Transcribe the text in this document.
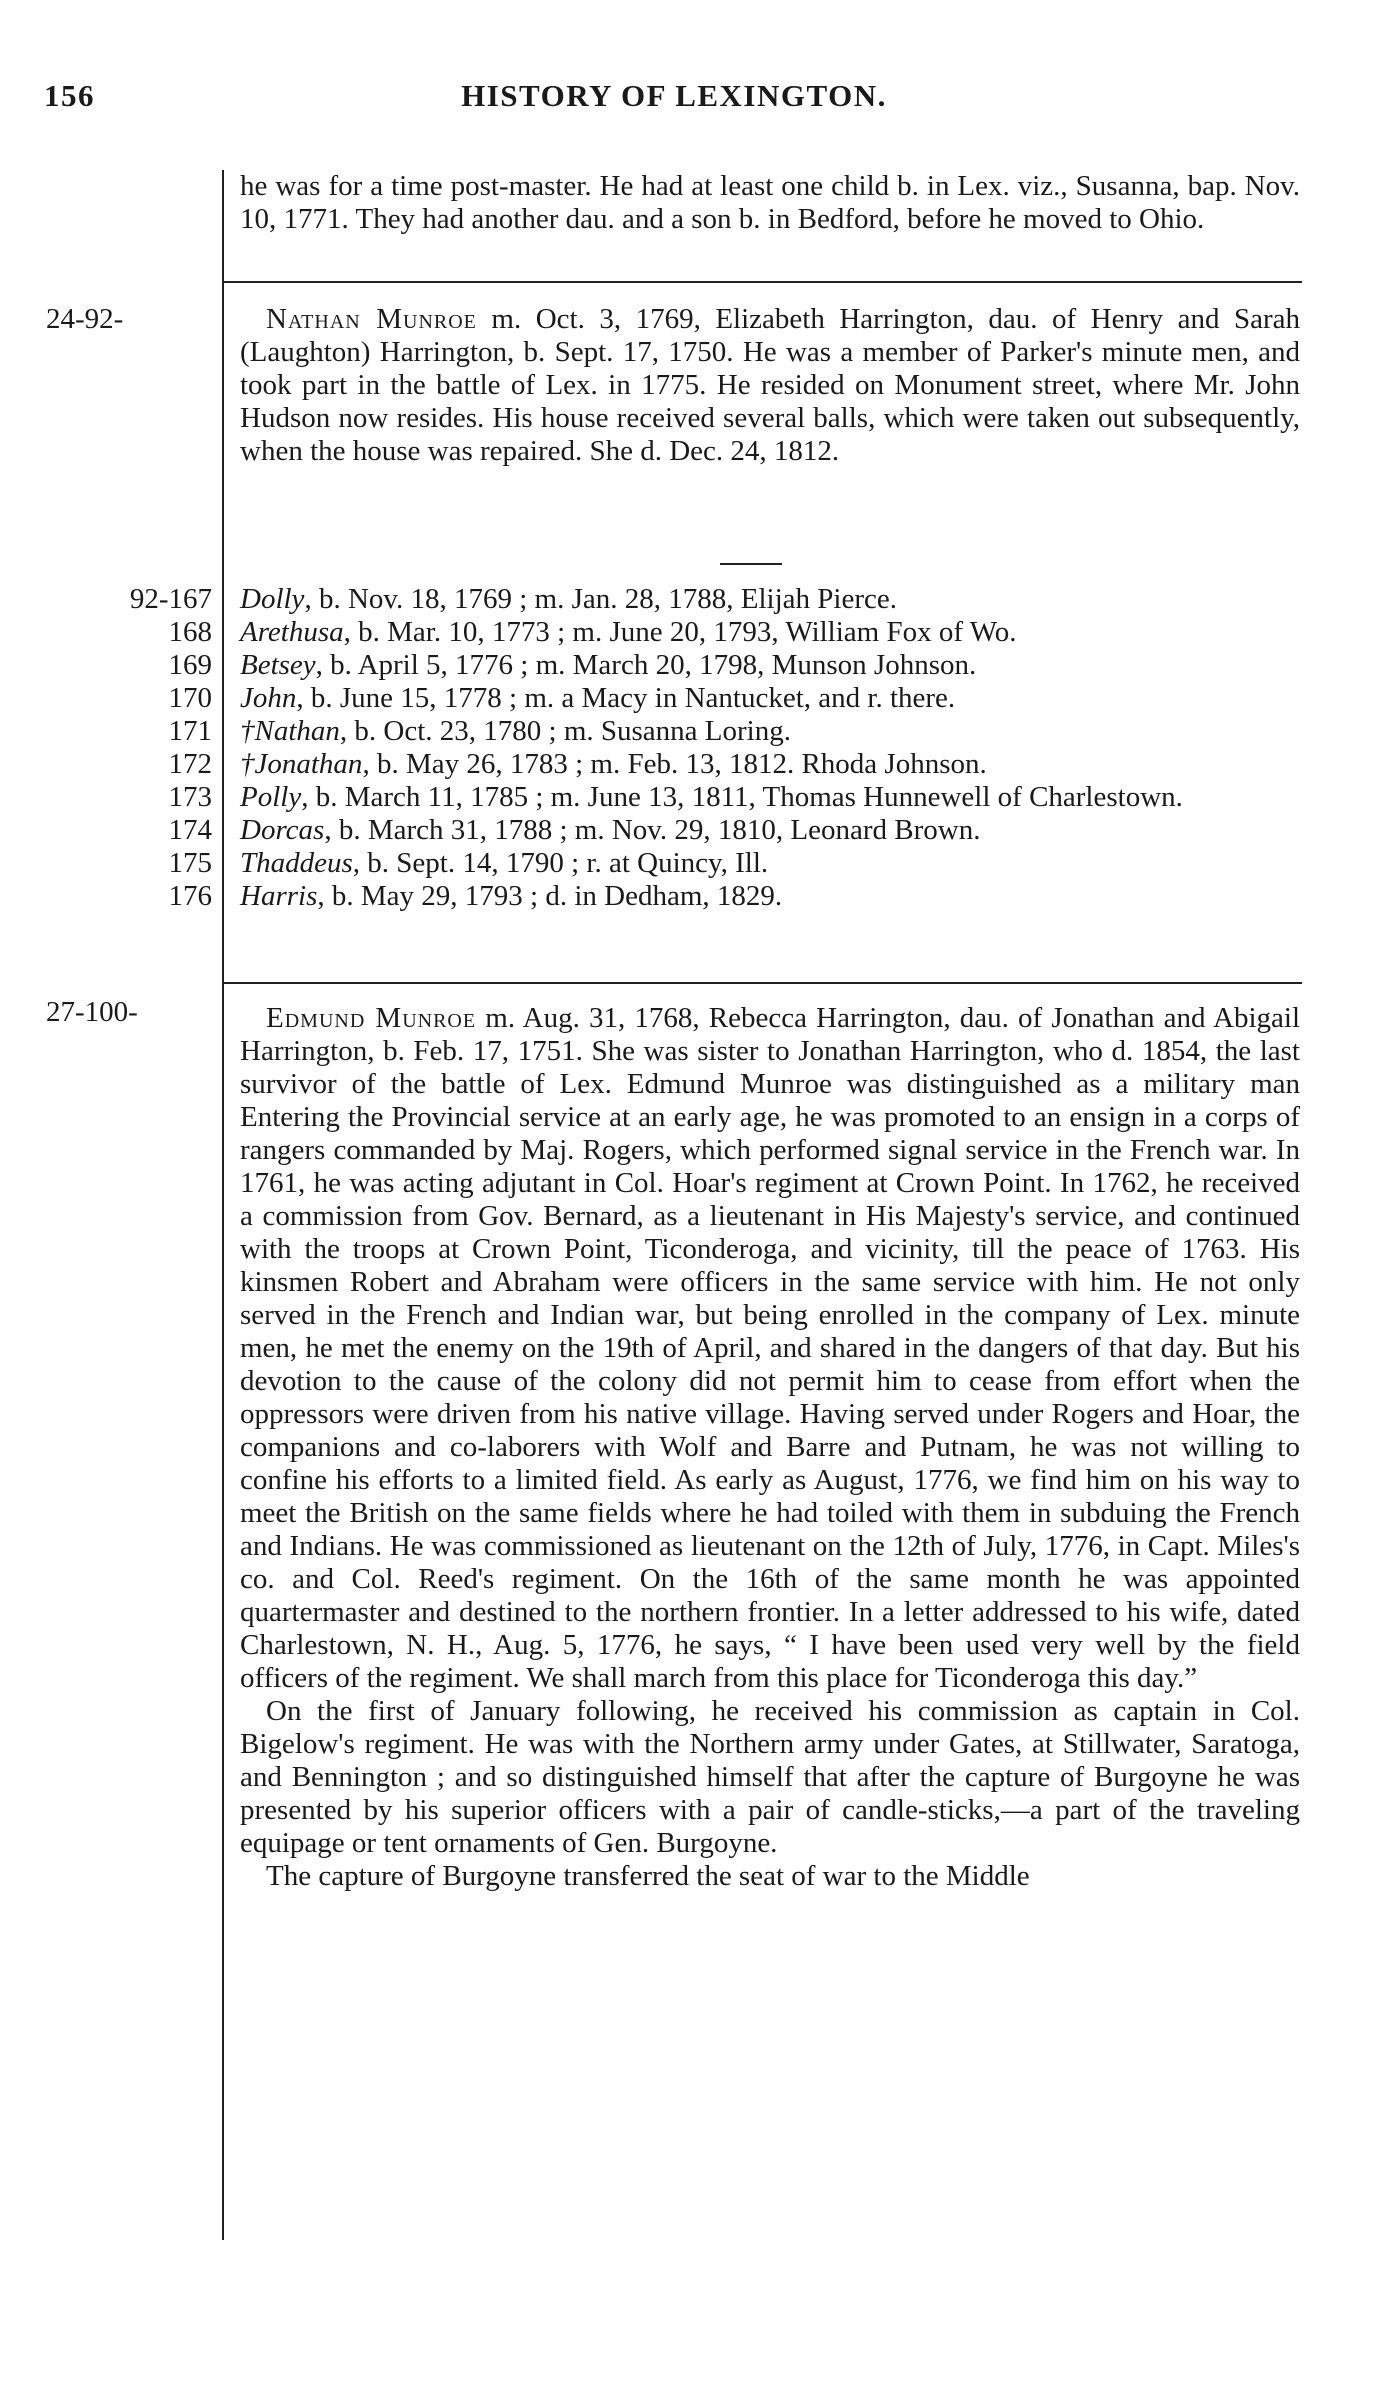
156	HISTORY OF LEXINGTON.

he was for a time post-master. He had at least one child b. in Lex. viz., Susanna, bap. Nov. 10, 1771. They had another dau. and a son b. in Bedford, before he moved to Ohio.

24-92-	Nathan Munroe m. Oct. 3, 1769, Elizabeth Harrington, dau. of Henry and Sarah (Laughton) Harrington, b. Sept. 17, 1750. He was a member of Parker's minute men, and took part in the battle of Lex. in 1775. He resided on Monument street, where Mr. John Hudson now resides. His house received several balls, which were taken out subsequently, when the house was repaired. She d. Dec. 24, 1812.

92-167 Dolly, b. Nov. 18, 1769 ; m. Jan. 28, 1788, Elijah Pierce.
168 Arethusa, b. Mar. 10, 1773 ; m. June 20, 1793, William Fox of Wo.
169 Betsey, b. April 5, 1776 ; m. March 20, 1798, Munson Johnson.
170 John, b. June 15, 1778 ; m. a Macy in Nantucket, and r. there.
171 †Nathan, b. Oct. 23, 1780 ; m. Susanna Loring.
172 †Jonathan, b. May 26, 1783 ; m. Feb. 13, 1812. Rhoda Johnson.
173 Polly, b. March 11, 1785 ; m. June 13, 1811, Thomas Hunnewell of Charlestown.
174 Dorcas, b. March 31, 1788 ; m. Nov. 29, 1810, Leonard Brown.
175 Thaddeus, b. Sept. 14, 1790 ; r. at Quincy, Ill.
176 Harris, b. May 29, 1793 ; d. in Dedham, 1829.
27-100-	Edmund Munroe m. Aug. 31, 1768, Rebecca Harrington, dau. of Jonathan and Abigail Harrington, b. Feb. 17, 1751. She was sister to Jonathan Harrington, who d. 1854, the last survivor of the battle of Lex. Edmund Munroe was distinguished as a military man Entering the Provincial service at an early age, he was promoted to an ensign in a corps of rangers commanded by Maj. Rogers, which performed signal service in the French war. In 1761, he was acting adjutant in Col. Hoar's regiment at Crown Point. In 1762, he received a commission from Gov. Bernard, as a lieutenant in His Majesty's service, and continued with the troops at Crown Point, Ticonderoga, and vicinity, till the peace of 1763. His kinsmen Robert and Abraham were officers in the same service with him. He not only served in the French and Indian war, but being enrolled in the company of Lex. minute men, he met the enemy on the 19th of April, and shared in the dangers of that day. But his devotion to the cause of the colony did not permit him to cease from effort when the oppressors were driven from his native village. Having served under Rogers and Hoar, the companions and co-laborers with Wolf and Barre and Putnam, he was not willing to confine his efforts to a limited field. As early as August, 1776, we find him on his way to meet the British on the same fields where he had toiled with them in subduing the French and Indians. He was commissioned as lieutenant on the 12th of July, 1776, in Capt. Miles's co. and Col. Reed's regiment. On the 16th of the same month he was appointed quartermaster and destined to the northern frontier. In a letter addressed to his wife, dated Charlestown, N. H., Aug. 5, 1776, he says, “ I have been used very well by the field officers of the regiment. We shall march from this place for Ticonderoga this day.”

On the first of January following, he received his commission as captain in Col. Bigelow's regiment. He was with the Northern army under Gates, at Stillwater, Saratoga, and Bennington ; and so distinguished himself that after the capture of Burgoyne he was presented by his superior officers with a pair of candle-sticks,—a part of the traveling equipage or tent ornaments of Gen. Burgoyne.

The capture of Burgoyne transferred the seat of war to the Middle
